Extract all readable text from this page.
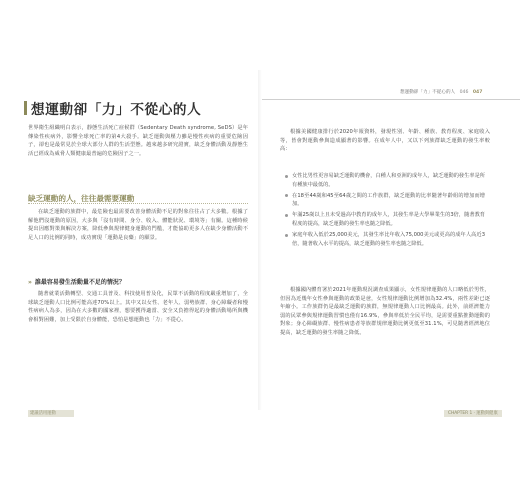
想運動卻「力」不從心的人 046 047
想運動卻「力」不從心的人
世界衛生組織明白表示，靜態生活死亡症候群（Sedentary Death syndrome, SeDS）是年傳染性疾病外，影響全球死亡率的第4大殺手。缺乏運動與壓力雖是慢性疾病的重要危險因子，卻也是最常見於全球大部分人群的生活型態。越來越多研究證實，缺乏身體活動及靜態生活已經成為威脅人類健康最普遍的危險因子之一。
缺乏運動的人，往往最需要運動
在缺乏運動的族群中，最危險也最需要改善身體活動不足的對象往往占了大多數。根據了解他們沒運動的原因，大多與「沒有時間、身分、收入、體能狀況、環境等」有關。這種時候提出因應對策與解決方案，降低參與規律健身運動的門檻，才能協助更多人在缺少身體活動不足人口的比例的同時，成功實現「運動是良藥」的願景。
» 誰最容易發生活動量不足的情況？
隨著就業活動轉型、交通工具普及、科技使用普及化，民眾不活動的程度嚴重增加了，全球缺乏運動人口比例可能高達70%以上。其中又以女性、老年人、弱勢族群、身心障礙者和慢性病病人為多，因為在大多數的國家裡，想要獲得適當、安全又負擔得起的身體活動場所與機會相對困難，加上受限於自身體能，恐怕是想運動也「力」不從心。
根據美國健康排行於2020年報資料，發現性別、年齡、種族、教育程度、家庭收入等，皆會對運動參與造成顯著的影響。在成年人中，又以下列族群缺乏運動的發生率較高：
女性比男性更容易缺乏運動的機會，白種人和亞洲的成年人，缺乏運動的發生率是所有種族中最低的。
在18至44歲和45至64歲之間的工作族群，缺乏運動的比率隨著年齡組的增加而增加。
年滿25歲以上且未受過高中教育的成年人，其發生率是大學畢業生的3倍，隨著教育程度的提高，缺乏運動的發生率也隨之降低。
家庭年收入低於25,000美元，其發生率比年收入75,000美元或更高的成年人高近3倍，隨著收入水平的提高，缺乏運動的發生率也隨之降低。
根據國內體育署於2021年運動現況調查成果顯示，女性規律運動的人口略低於男性，但因為近幾年女性參與運動的政策是爸，女性規律運動比例增加為32.4%，兩性差距已逐年縮小。工作族群仍是最缺乏運動的族群，無規律運動人口比例最高。此外，前經濟能力弱的民眾參與規律運動習慣也僅有16.9%，參與率低於全民平均，是需要重點推動運動的對象；身心障礙族群、慢性病患者等族群規律運動比例更低至31.1%，可見隨著經濟地位提高，缺乏運動的發生率隨之降低。
建議活用運動	CHAPTER 1 · 運動與健康
